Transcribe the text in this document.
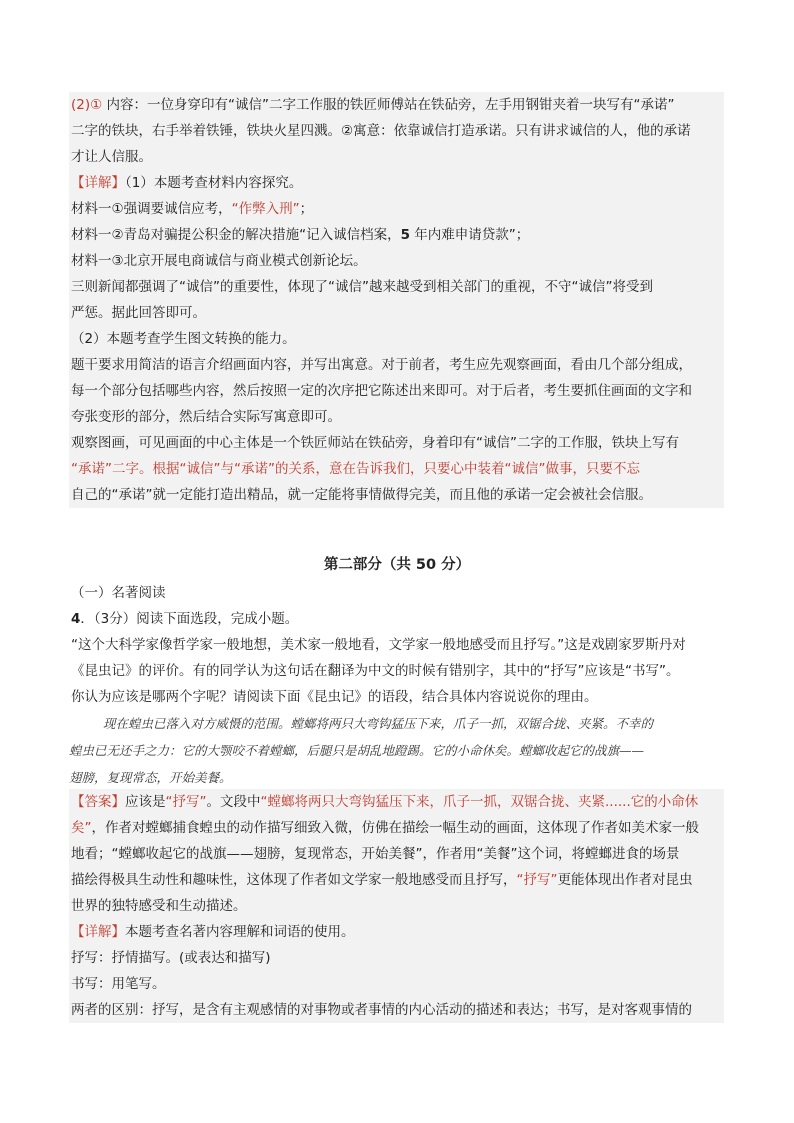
(2)① 内容：一位身穿印有“诚信”二字工作服的铁匠师傅站在铁砧旁，左手用钢钳夹着一块写有“承诺”
二字的铁块，右手举着铁锤，铁块火星四溅。②寓意：依靠诚信打造承诺。只有讲求诚信的人，他的承诺
才让人信服。
【详解】（1）本题考查材料内容探究。
材料一①强调要诚信应考，“作弊入刑”；
材料一②青岛对骗提公积金的解决措施“记入诚信档案，5 年内难申请贷款”；
材料一③北京开展电商诚信与商业模式创新论坛。
三则新闻都强调了“诚信”的重要性，体现了“诚信”越来越受到相关部门的重视，不守“诚信”将受到
严惩。据此回答即可。
（2）本题考查学生图文转换的能力。
题干要求用简洁的语言介绍画面内容，并写出寓意。对于前者，考生应先观察画面，看由几个部分组成，
每一个部分包括哪些内容，然后按照一定的次序把它陈述出来即可。对于后者，考生要抓住画面的文字和
夸张变形的部分，然后结合实际写寓意即可。
观察图画，可见画面的中心主体是一个铁匠师站在铁砧旁，身着印有“诚信”二字的工作服，铁块上写有
“承诺”二字。根据“诚信”与“承诺”的关系，意在告诉我们，只要心中装着“诚信”做事，只要不忘
自己的“承诺”就一定能打造出精品，就一定能将事情做得完美，而且他的承诺一定会被社会信服。
第二部分（共 50 分）
（一）名著阅读
4．（3分）阅读下面选段，完成小题。
“这个大科学家像哲学家一般地想，美术家一般地看，文学家一般地感受而且抒写。”这是戏剧家罗斯丹对
《昆虫记》的评价。有的同学认为这句话在翻译为中文的时候有错别字，其中的“抒写”应该是“书写”。
你认为应该是哪两个字呢？请阅读下面《昆虫记》的语段，结合具体内容说说你的理由。
现在蝗虫已落入对方威慑的范围。螳螂将两只大弯钩猛压下来，爪子一抓，双锯合拢、夹紧。不幸的
蝗虫已无还手之力：它的大颚咬不着螳螂，后腿只是胡乱地蹬踢。它的小命休矣。螳螂收起它的战旗——
翅膀，复现常态，开始美餐。
【答案】应该是“抒写”。文段中“螳螂将两只大弯钩猛压下来，爪子一抓，双锯合拢、夹紧......它的小命休
矣”，作者对螳螂捕食蝗虫的动作描写细致入微，仿佛在描绘一幅生动的画面，这体现了作者如美术家一般
地看；“螳螂收起它的战旗——翅膀，复现常态，开始美餐”，作者用“美餐”这个词，将螳螂进食的场景
描绘得极具生动性和趣味性，这体现了作者如文学家一般地感受而且抒写，“抒写”更能体现出作者对昆虫
世界的独特感受和生动描述。
【详解】本题考查名著内容理解和词语的使用。
抒写：抒情描写。(或表达和描写)
书写：用笔写。
两者的区别：抒写，是含有主观感情的对事物或者事情的内心活动的描述和表达；书写，是对客观事情的
